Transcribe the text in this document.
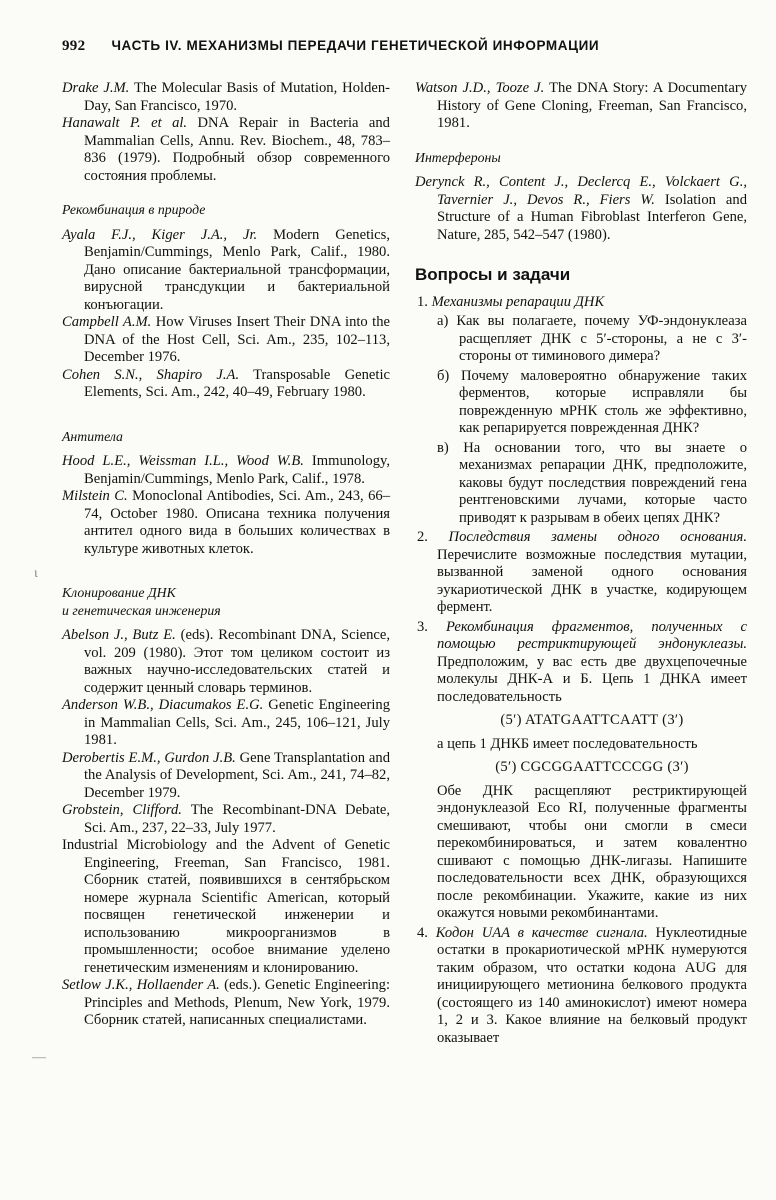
992 ЧАСТЬ IV. МЕХАНИЗМЫ ПЕРЕДАЧИ ГЕНЕТИЧЕСКОЙ ИНФОРМАЦИИ
ι
—

Drake J.M. The Molecular Basis of Mutation, Holden-Day, San Francisco, 1970.

Hanawalt P. et al. DNA Repair in Bacteria and Mammalian Cells, Annu. Rev. Biochem., 48, 783–836 (1979). Подробный обзор современного состояния проблемы.

Рекомбинация в природе

Ayala F.J., Kiger J.A., Jr. Modern Genetics, Benjamin/Cummings, Menlo Park, Calif., 1980. Дано описание бактериальной трансформации, вирусной трансдукции и бактериальной конъюгации.

Campbell A.M. How Viruses Insert Their DNA into the DNA of the Host Cell, Sci. Am., 235, 102–113, December 1976.

Cohen S.N., Shapiro J.A. Transposable Genetic Elements, Sci. Am., 242, 40–49, February 1980.

Антитела

Hood L.E., Weissman I.L., Wood W.B. Immunology, Benjamin/Cummings, Menlo Park, Calif., 1978.

Milstein C. Monoclonal Antibodies, Sci. Am., 243, 66–74, October 1980. Описана техника получения антител одного вида в больших количествах в культуре животных клеток.

Клонирование ДНК
и генетическая инженерия

Abelson J., Butz E. (eds). Recombinant DNA, Science, vol. 209 (1980). Этот том целиком состоит из важных научно-исследовательских статей и содержит ценный словарь терминов.

Anderson W.B., Diacumakos E.G. Genetic Engineering in Mammalian Cells, Sci. Am., 245, 106–121, July 1981.

Derobertis E.M., Gurdon J.B. Gene Transplantation and the Analysis of Development, Sci. Am., 241, 74–82, December 1979.

Grobstein, Clifford. The Recombinant-DNA Debate, Sci. Am., 237, 22–33, July 1977.

Industrial Microbiology and the Advent of Genetic Engineering, Freeman, San Francisco, 1981. Сборник статей, появившихся в сентябрьском номере журнала Scientific American, который посвящен генетической инженерии и использованию микроорганизмов в промышленности; особое внимание уделено генетическим изменениям и клонированию.

Setlow J.K., Hollaender A. (eds.). Genetic Engineering: Principles and Methods, Plenum, New York, 1979. Сборник статей, написанных специалистами.

Watson J.D., Tooze J. The DNA Story: A Documentary History of Gene Cloning, Freeman, San Francisco, 1981.

Интерфероны

Derynck R., Content J., Declercq E., Volckaert G., Tavernier J., Devos R., Fiers W. Isolation and Structure of a Human Fibroblast Interferon Gene, Nature, 285, 542–547 (1980).

Вопросы и задачи

1. Механизмы репарации ДНК

а) Как вы полагаете, почему УФ-эндонуклеаза расщепляет ДНК с 5′-стороны, а не с 3′-стороны от тиминового димера?

б) Почему маловероятно обнаружение таких ферментов, которые исправляли бы поврежденную мРНК столь же эффективно, как репарируется поврежденная ДНК?

в) На основании того, что вы знаете о механизмах репарации ДНК, предположите, каковы будут последствия повреждений гена рентгеновскими лучами, которые часто приводят к разрывам в обеих цепях ДНК?

2. Последствия замены одного основания. Перечислите возможные последствия мутации, вызванной заменой одного основания эукариотической ДНК в участке, кодирующем фермент.

3. Рекомбинация фрагментов, полученных с помощью рестриктирующей эндонуклеазы. Предположим, у вас есть две двухцепочечные молекулы ДНК-А и Б. Цепь 1 ДНКА имеет последовательность

(5′) ATATGAATTCAATT (3′)

а цепь 1 ДНКБ имеет последовательность

(5′) CGCGGAATTCCCGG (3′)

Обе ДНК расщепляют рестриктирующей эндонуклеазой Eco RI, полученные фрагменты смешивают, чтобы они смогли в смеси перекомбинироваться, и затем ковалентно сшивают с помощью ДНК-лигазы. Напишите последовательности всех ДНК, образующихся после рекомбинации. Укажите, какие из них окажутся новыми рекомбинантами.

4. Кодон UAA в качестве сигнала. Нуклеотидные остатки в прокариотической мРНК нумеруются таким образом, что остатки кодона AUG для инициирующего метионина белкового продукта (состоящего из 140 аминокислот) имеют номера 1, 2 и 3. Какое влияние на белковый продукт оказывает
